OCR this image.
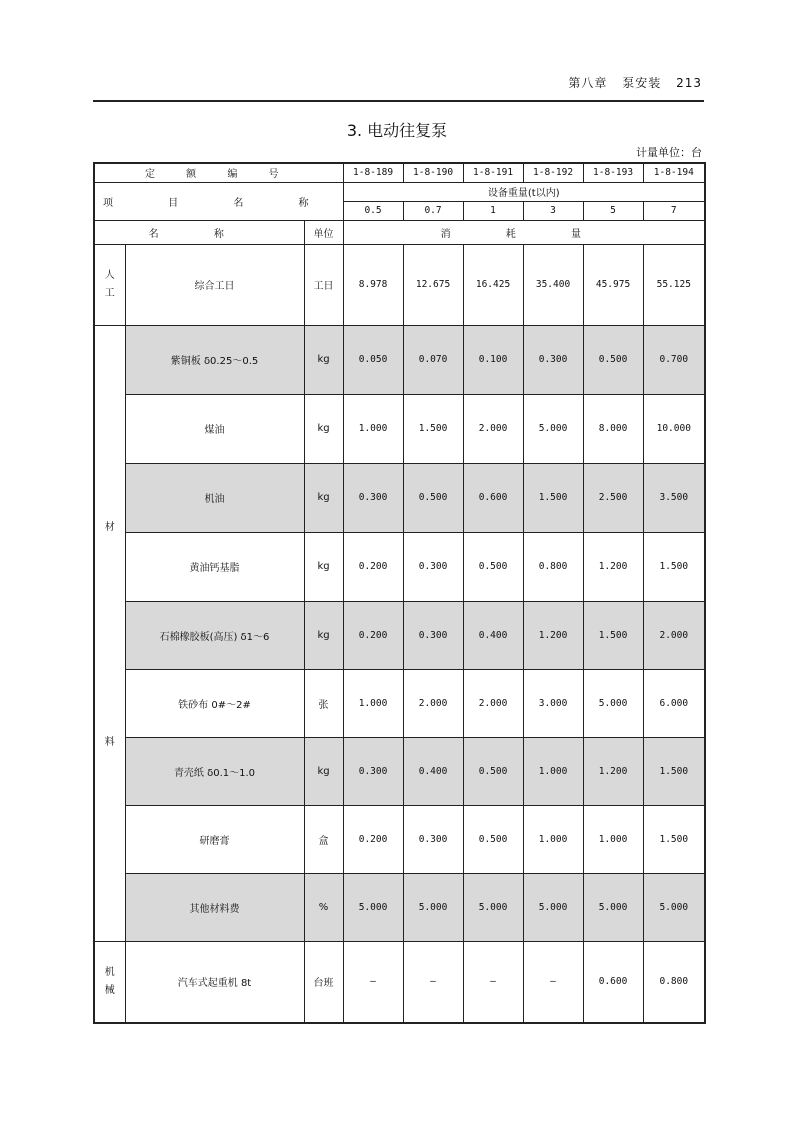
第八章 泵安装 213
3. 电动往复泵
计量单位：台
定 额 编 号			1-8-189	1-8-190	1-8-191	1-8-192	1-8-193	1-8-194
项 目 名 称			设备重量(t以内)					
			0.5	0.7	1	3	5	7
名 称		单位	消 耗 量					
人
工	综合工日	工日	8.978	12.675	16.425	35.400	45.975	55.125

材
料	紫铜板 δ0.25～0.5	kg	0.050	0.070	0.100	0.300	0.500	0.700
	煤油	kg	1.000	1.500	2.000	5.000	8.000	10.000
	机油	kg	0.300	0.500	0.600	1.500	2.500	3.500
	黄油钙基脂	kg	0.200	0.300	0.500	0.800	1.200	1.500
	石棉橡胶板(高压) δ1～6	kg	0.200	0.300	0.400	1.200	1.500	2.000
	铁砂布 0#～2#	张	1.000	2.000	2.000	3.000	5.000	6.000
	青壳纸 δ0.1～1.0	kg	0.300	0.400	0.500	1.000	1.200	1.500
	研磨膏	盒	0.200	0.300	0.500	1.000	1.000	1.500
	其他材料费	%	5.000	5.000	5.000	5.000	5.000	5.000
机
械	汽车式起重机 8t	台班	—	—	—	—	0.600	0.800
